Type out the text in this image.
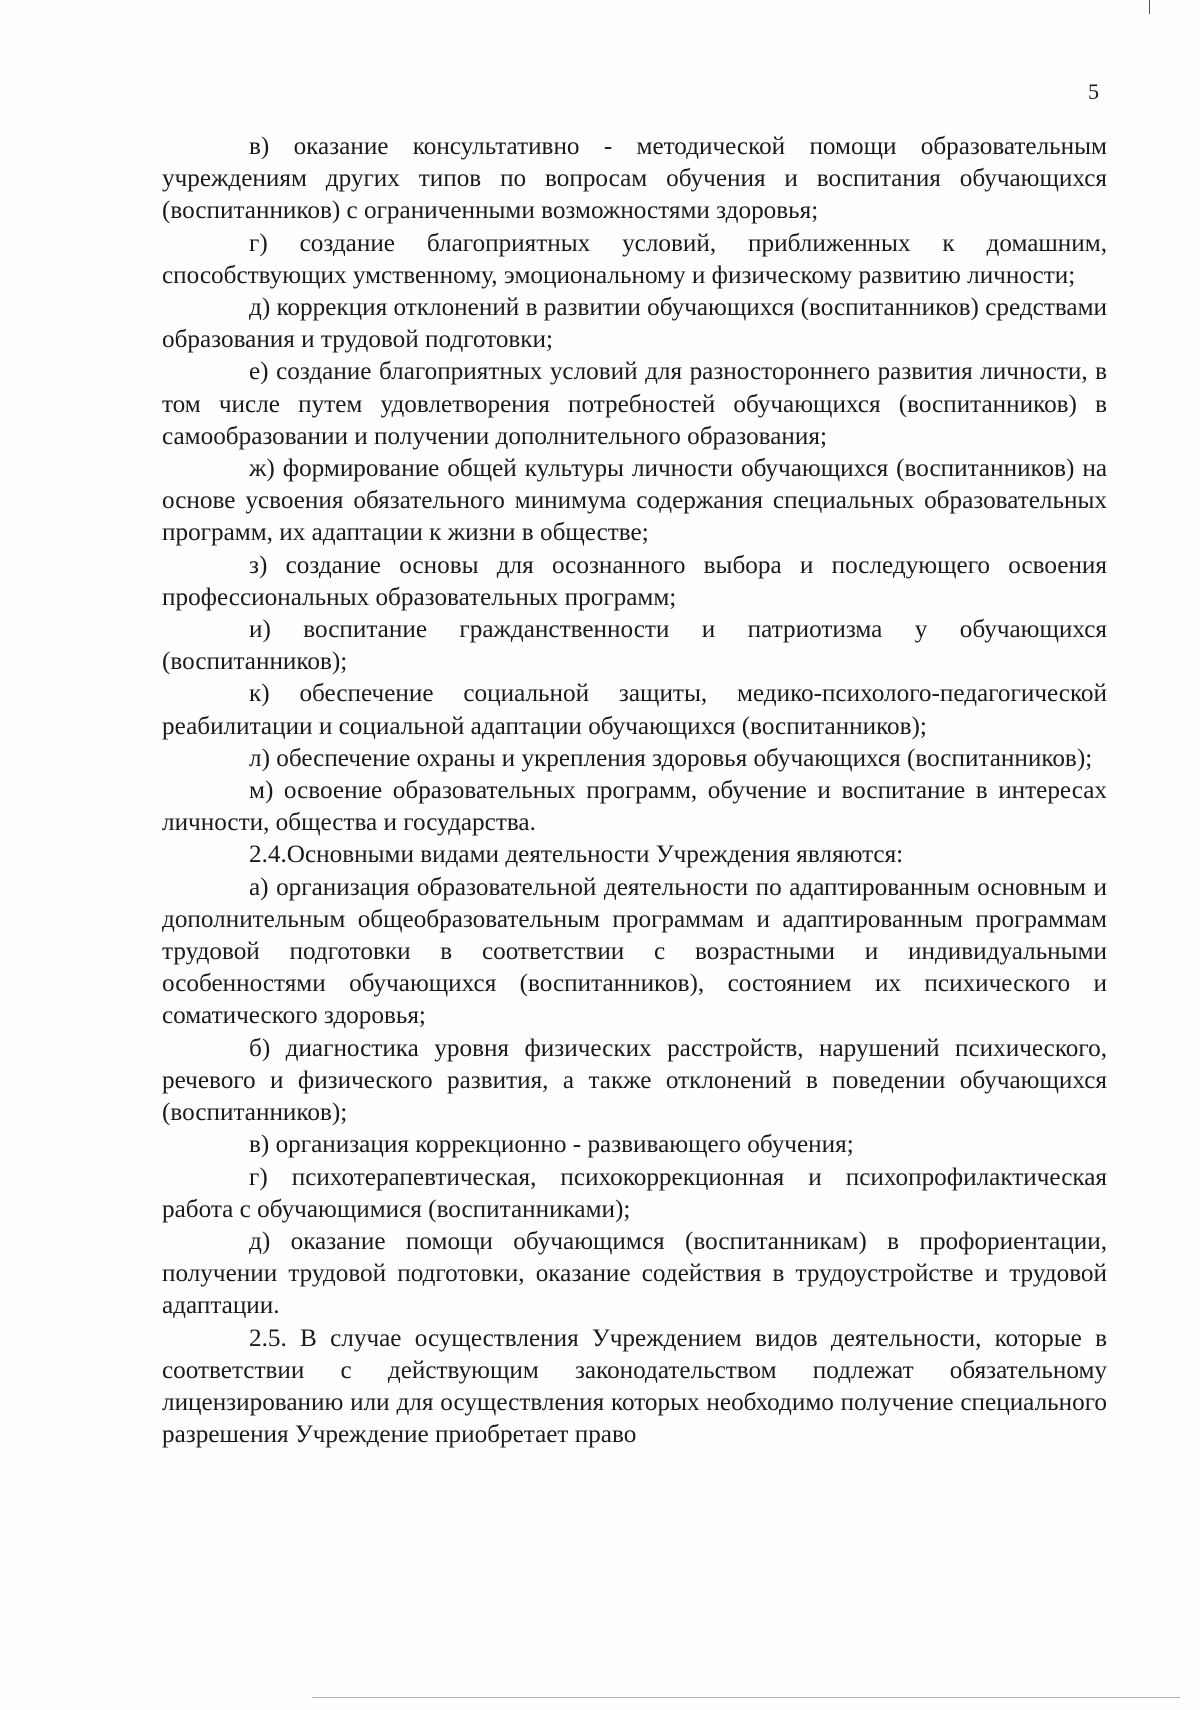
5

в) оказание консультативно - методической помощи образовательным учреждениям других типов по вопросам обучения и воспитания обучающихся (воспитанников) с ограниченными возможностями здоровья;

г) создание благоприятных условий, приближенных к домашним, способствующих умственному, эмоциональному и физическому развитию личности;

д) коррекция отклонений в развитии обучающихся (воспитанников) средствами образования и трудовой подготовки;

е) создание благоприятных условий для разностороннего развития личности, в том числе путем удовлетворения потребностей обучающихся (воспитанников) в самообразовании и получении дополнительного образования;

ж) формирование общей культуры личности обучающихся (воспитанников) на основе усвоения обязательного минимума содержания специальных образовательных программ, их адаптации к жизни в обществе;

з) создание основы для осознанного выбора и последующего освоения профессиональных образовательных программ;

и) воспитание гражданственности и патриотизма у обучающихся (воспитанников);

к) обеспечение социальной защиты, медико-психолого-педагогической реабилитации и социальной адаптации обучающихся (воспитанников);

л) обеспечение охраны и укрепления здоровья обучающихся (воспитанников);

м) освоение образовательных программ, обучение и воспитание в интересах личности, общества и государства.

2.4.Основными видами деятельности Учреждения являются:

а) организация образовательной деятельности по адаптированным основным и дополнительным общеобразовательным программам и адаптированным программам трудовой подготовки в соответствии с возрастными и индивидуальными особенностями обучающихся (воспитанников), состоянием их психического и соматического здоровья;

б) диагностика уровня физических расстройств, нарушений психического, речевого и физического развития, а также отклонений в поведении обучающихся (воспитанников);

в) организация коррекционно - развивающего обучения;

г) психотерапевтическая, психокоррекционная и психопрофилактическая работа с обучающимися (воспитанниками);

д) оказание помощи обучающимся (воспитанникам) в профориентации, получении трудовой подготовки, оказание содействия в трудоустройстве и трудовой адаптации.

2.5. В случае осуществления Учреждением видов деятельности, которые в соответствии с действующим законодательством подлежат обязательному лицензированию или для осуществления которых необходимо получение специального разрешения Учреждение приобретает право
